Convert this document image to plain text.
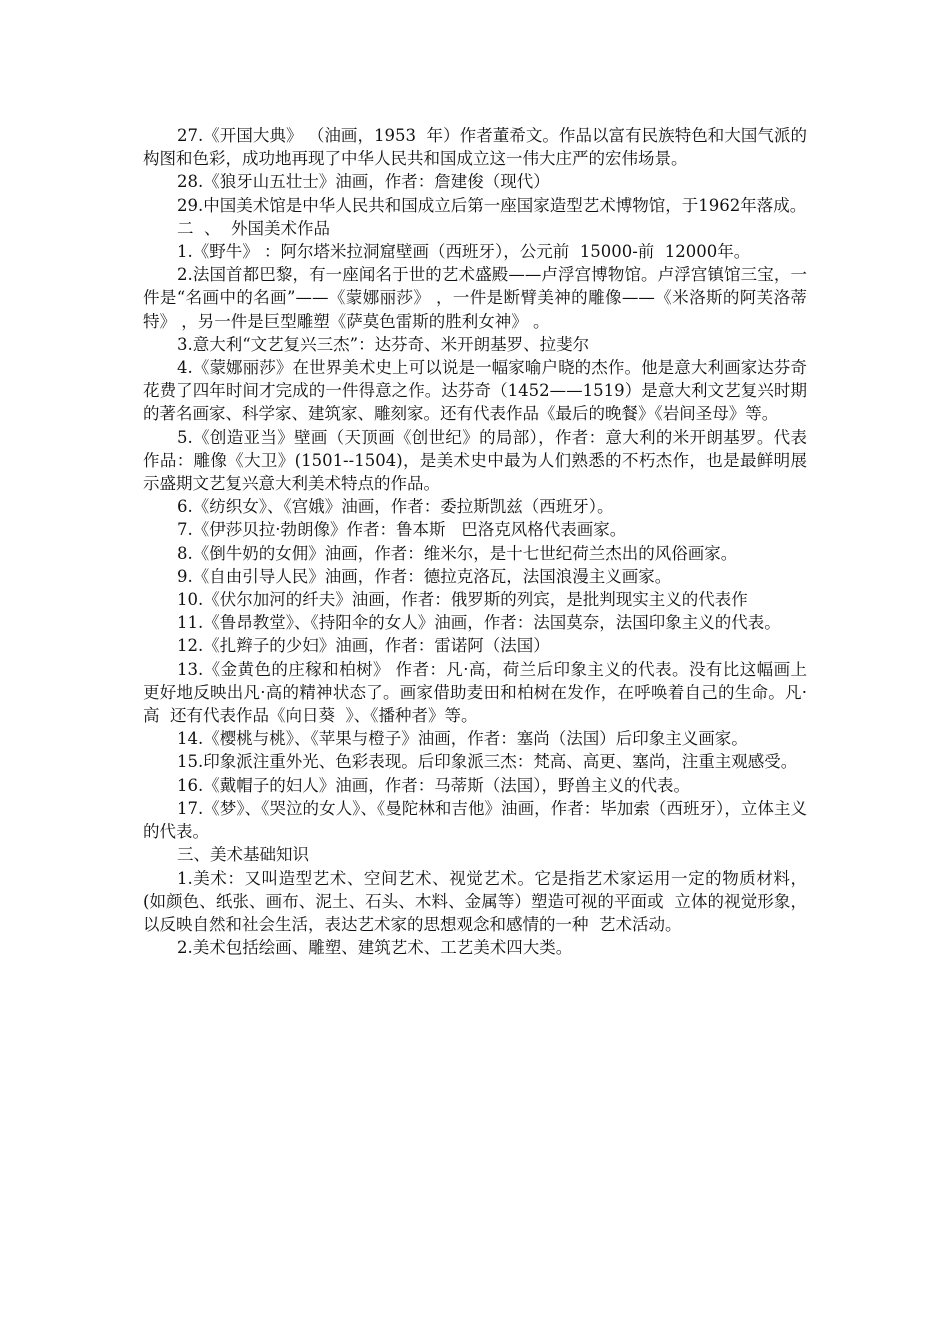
27.《开国大典》 （油画，1953  年）作者董希文。作品以富有民族特色和大国气派的构图和色彩，成功地再现了中华人民共和国成立这一伟大庄严的宏伟场景。

28.《狼牙山五壮士》油画，作者：詹建俊（现代）

29.中国美术馆是中华人民共和国成立后第一座国家造型艺术博物馆，于1962年落成。

二  、  外国美术作品

1.《野牛》 ：阿尔塔米拉洞窟壁画（西班牙），公元前  15000-前  12000年。

2.法国首都巴黎，有一座闻名于世的艺术盛殿——卢浮宫博物馆。卢浮宫镇馆三宝，一件是“名画中的名画”——《蒙娜丽莎》 ，一件是断臂美神的雕像——《米洛斯的阿芙洛蒂特》 ，另一件是巨型雕塑《萨莫色雷斯的胜利女神》 。

3.意大利“文艺复兴三杰”：达芬奇、米开朗基罗、拉斐尔

4.《蒙娜丽莎》在世界美术史上可以说是一幅家喻户晓的杰作。他是意大利画家达芬奇花费了四年时间才完成的一件得意之作。达芬奇（1452——1519）是意大利文艺复兴时期的著名画家、科学家、建筑家、雕刻家。还有代表作品《最后的晚餐》《岩间圣母》等。

5.《创造亚当》壁画（天顶画《创世纪》的局部），作者：意大利的米开朗基罗。代表作品：雕像《大卫》(1501--1504)，是美术史中最为人们熟悉的不朽杰作，也是最鲜明展示盛期文艺复兴意大利美术特点的作品。

6.《纺织女》、《宫娥》油画，作者：委拉斯凯兹（西班牙）。

7.《伊莎贝拉·勃朗像》作者：鲁本斯   巴洛克风格代表画家。

8.《倒牛奶的女佣》油画，作者：维米尔，是十七世纪荷兰杰出的风俗画家。

9.《自由引导人民》油画，作者：德拉克洛瓦，法国浪漫主义画家。

10.《伏尔加河的纤夫》油画，作者：俄罗斯的列宾，是批判现实主义的代表作

11.《鲁昂教堂》、《持阳伞的女人》油画，作者：法国莫奈，法国印象主义的代表。

12.《扎辫子的少妇》油画，作者：雷诺阿（法国）

13.《金黄色的庄稼和柏树》 作者：凡·高，荷兰后印象主义的代表。没有比这幅画上更好地反映出凡·高的精神状态了。画家借助麦田和柏树在发作，在呼唤着自己的生命。凡·高  还有代表作品《向日葵  》、《播种者》等。

14.《樱桃与桃》、《苹果与橙子》油画，作者：塞尚（法国）后印象主义画家。

15.印象派注重外光、色彩表现。后印象派三杰：梵高、高更、塞尚，注重主观感受。

16.《戴帽子的妇人》油画，作者：马蒂斯（法国），野兽主义的代表。

17.《梦》、《哭泣的女人》、《曼陀林和吉他》油画，作者：毕加索（西班牙），立体主义的代表。

三、美术基础知识

1.美术：又叫造型艺术、空间艺术、视觉艺术。它是指艺术家运用一定的物质材料，(如颜色、纸张、画布、泥土、石头、木料、金属等）塑造可视的平面或  立体的视觉形象，以反映自然和社会生活，表达艺术家的思想观念和感情的一种  艺术活动。

2.美术包括绘画、雕塑、建筑艺术、工艺美术四大类。
